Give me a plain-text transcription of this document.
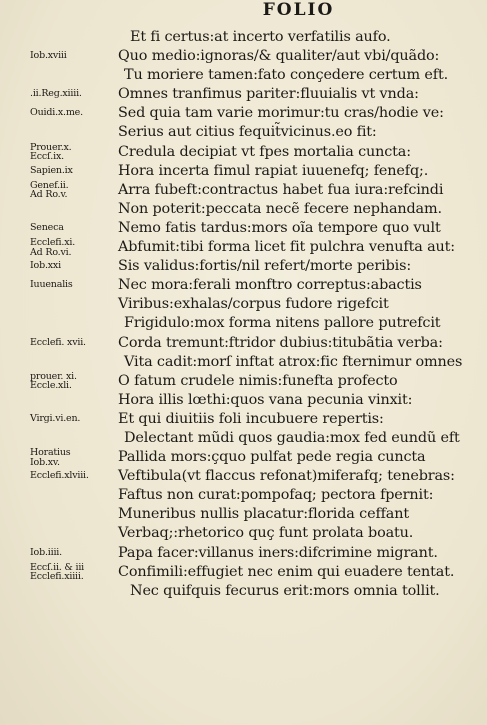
FOLIO
Et fi certus:at incerto verfatilis aufo.
Iob.xviii	Quo medio:ignoras/& qualiter/aut vbi/quãdo:
Tu moriere tamen:fato conçedere certum eft.
.ii.Reg.xiiii.	Omnes tranfimus pariter:fluuialis vt vnda:
Ouidi.x.me.	Sed quia tam varie morimur:tu cras/hodie ve:
Serius aut citius fequit̃vicinus.eo fit:
Prouer.x.
Eccſ.ix.	Credula decipiat vt fpes mortalia cuncta:
Sapien.ix	Hora incerta fimul rapiat iuuenefq; fenefq;.
Genef.ii.
Ad Ro.v.	Arra fubeft:contractus habet fua iura:refcindi
Non poterit:peccata necẽ fecere nephandam.
Seneca	Nemo fatis tardus:mors oĩa tempore quo vult
Ecclefi.xi.
Ad Ro.vi.	Abfumit:tibi forma licet fit pulchra venufta aut:
Iob.xxi	Sis validus:fortis/nil refert/morte peribis:
Iuuenalis	Nec mora:ferali monftro correptus:abactis
Viribus:exhalas/corpus fudore rigefcit
Frigidulo:mox forma nitens pallore putrefcit
Ecclefi. xvii.	Corda tremunt:ftridor dubius:titubãtia verba:
Vita cadit:morſ inftat atrox:fic fternimur omnes
prouer. xi.
Eccle.xli.	O fatum crudele nimis:funefta profecto
Hora illis lœthi:quos vana pecunia vinxit:
Virgi.vi.en.	Et qui diuitiis foli incubuere repertis:
Delectant mũdi quos gaudia:mox fed eundũ eft
Horatius
Iob.xv.	Pallida mors:çquo pulfat pede regia cuncta
Ecclefi.xlviii.	Veftibula(vt flaccus refonat)miferafq; tenebras:
Faftus non curat:pompofaq; pectora fpernit:
Muneribus nullis placatur:florida ceffant
Verbaq;:rhetorico quç funt prolata boatu.
Iob.iiii.	Papa facer:villanus iners:difcrimine migrant.
Eccſ.ii. & iii
Ecclefi.xiiii.	Confimili:effugiet nec enim qui euadere tentat.
Nec quifquis fecurus erit:mors omnia tollit.
